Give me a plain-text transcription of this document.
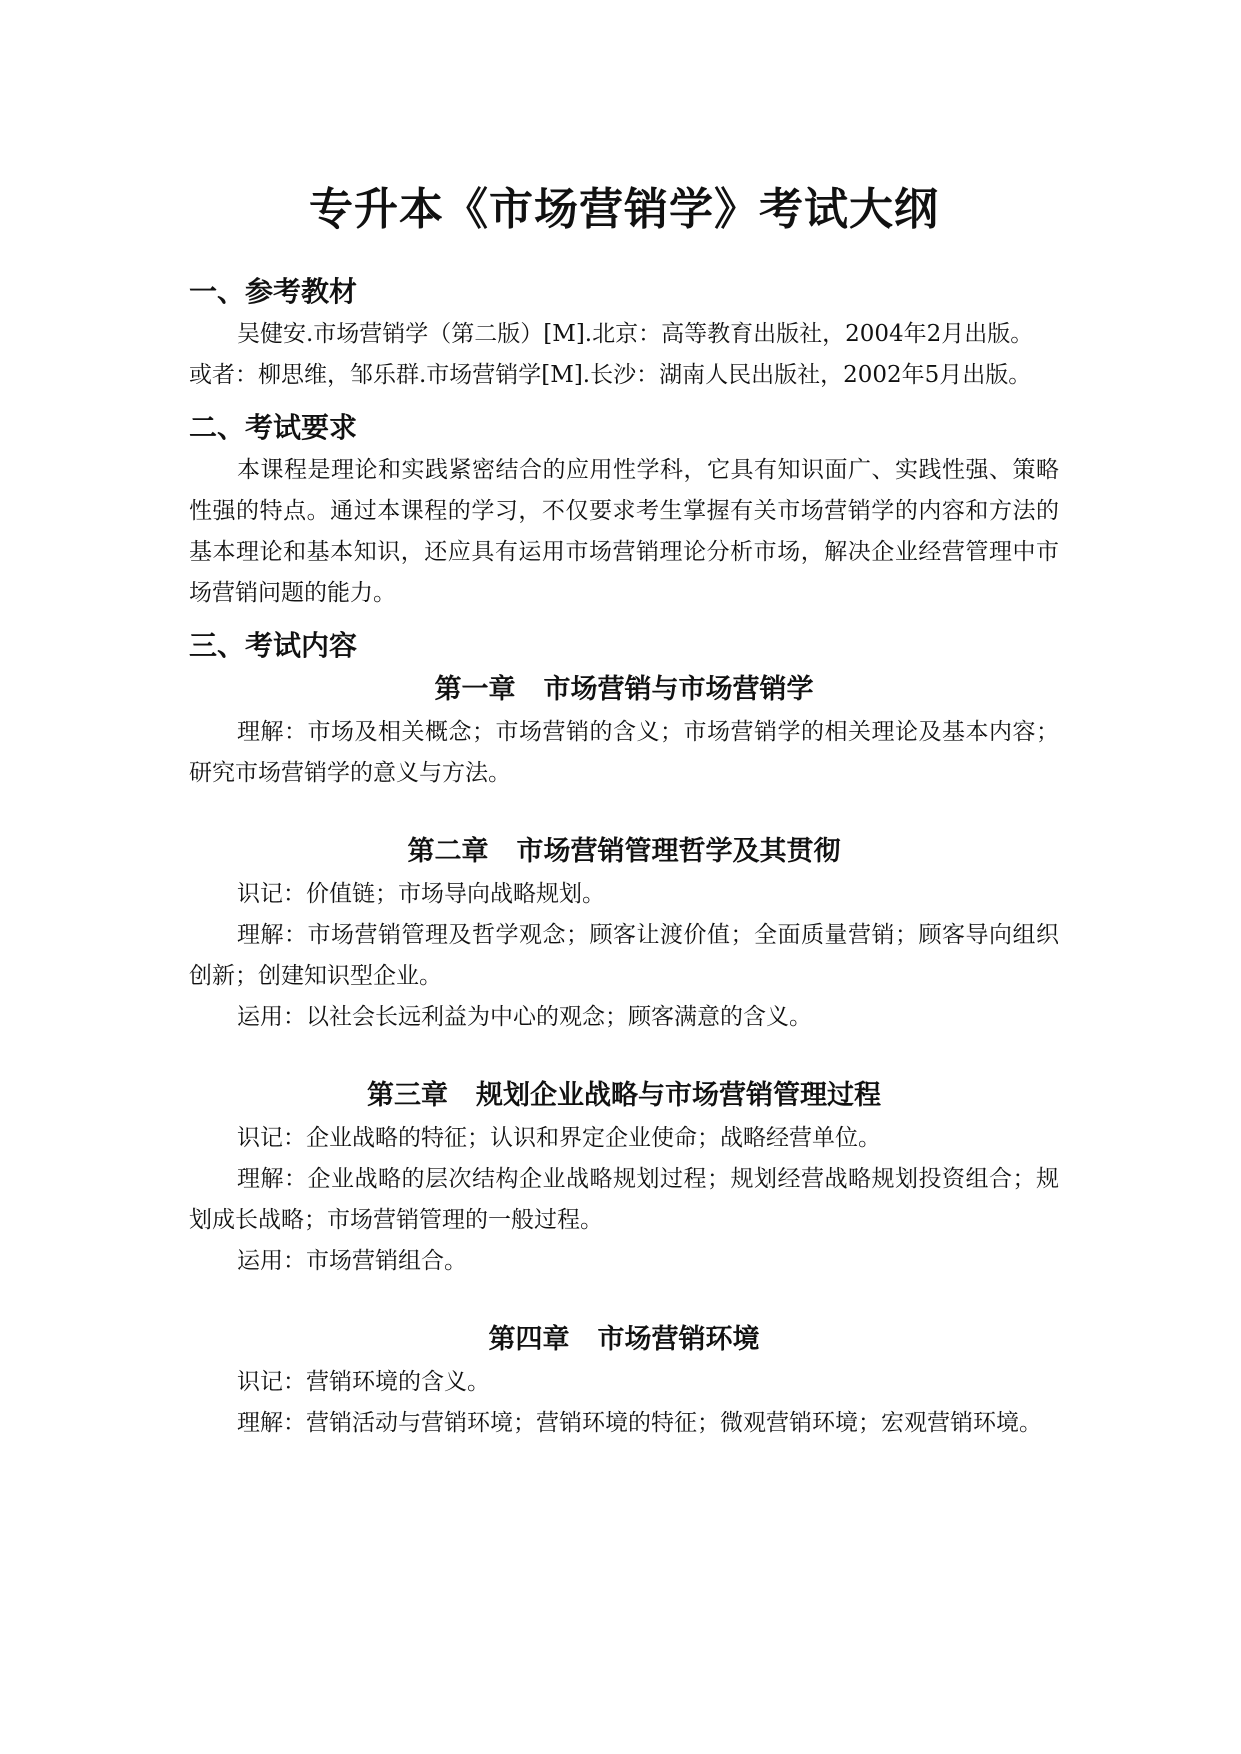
专升本《市场营销学》考试大纲
一、参考教材

吴健安.市场营销学（第二版）[M].北京：高等教育出版社，2004年2月出版。

或者：柳思维，邹乐群.市场营销学[M].长沙：湖南人民出版社，2002年5月出版。

二、考试要求

本课程是理论和实践紧密结合的应用性学科，它具有知识面广、实践性强、策略性强的特点。通过本课程的学习，不仅要求考生掌握有关市场营销学的内容和方法的基本理论和基本知识，还应具有运用市场营销理论分析市场，解决企业经营管理中市场营销问题的能力。

三、考试内容
第一章 市场营销与市场营销学

理解：市场及相关概念；市场营销的含义；市场营销学的相关理论及基本内容；研究市场营销学的意义与方法。

第二章 市场营销管理哲学及其贯彻

识记：价值链；市场导向战略规划。

理解：市场营销管理及哲学观念；顾客让渡价值；全面质量营销；顾客导向组织创新；创建知识型企业。

运用：以社会长远利益为中心的观念；顾客满意的含义。

第三章 规划企业战略与市场营销管理过程

识记：企业战略的特征；认识和界定企业使命；战略经营单位。

理解：企业战略的层次结构企业战略规划过程；规划经营战略规划投资组合；规划成长战略；市场营销管理的一般过程。

运用：市场营销组合。

第四章 市场营销环境

识记：营销环境的含义。

理解：营销活动与营销环境；营销环境的特征；微观营销环境；宏观营销环境。
